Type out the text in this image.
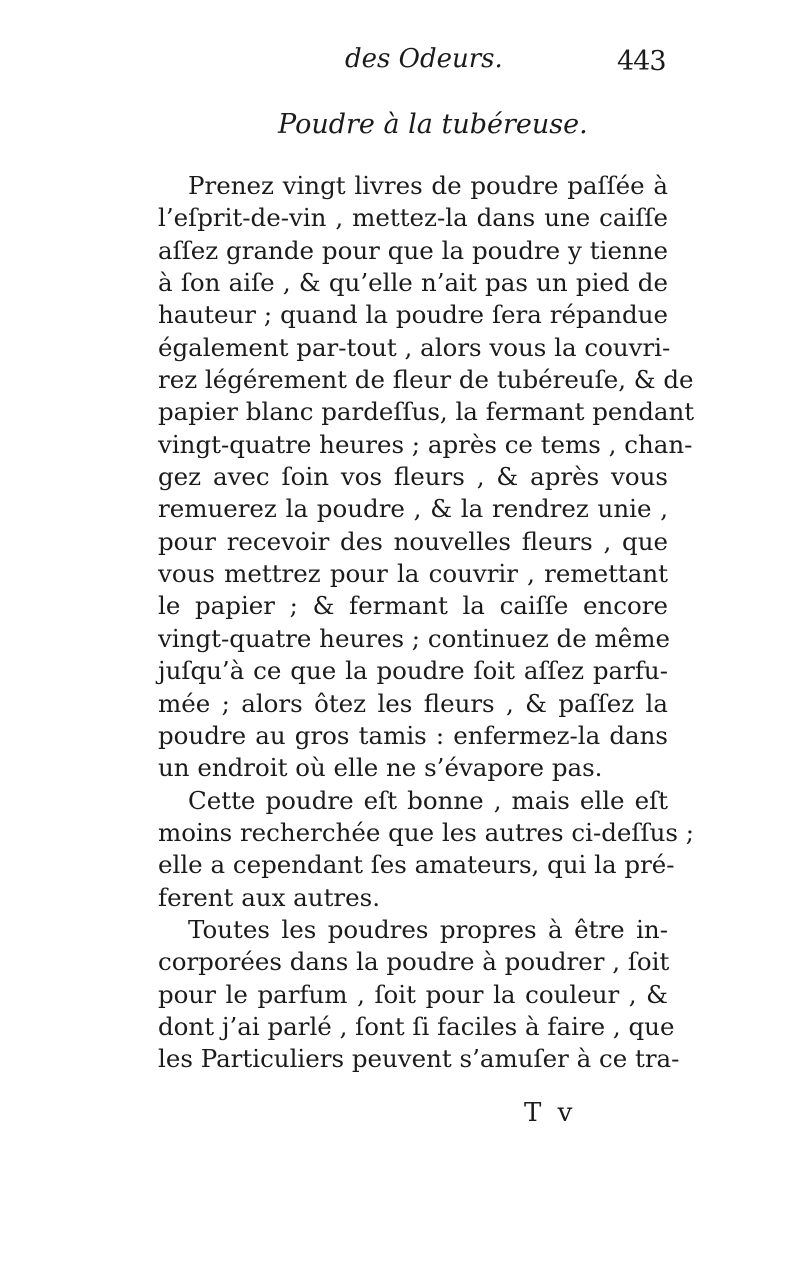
des Odeurs.	443
Poudre à la tubéreuse.
Prenez vingt livres de poudre paſſée à
l’eſprit-de-vin , mettez-la dans une caiſſe
aſſez grande pour que la poudre y tienne
à ſon aiſe , & qu’elle n’ait pas un pied de
hauteur ; quand la poudre ſera répandue
également par-tout , alors vous la couvri-
rez légérement de fleur de tubéreuſe, & de
papier blanc pardeſſus, la fermant pendant
vingt-quatre heures ; après ce tems , chan-
gez avec ſoin vos fleurs , & après vous
remuerez la poudre , & la rendrez unie ,
pour recevoir des nouvelles fleurs , que
vous mettrez pour la couvrir , remettant
le papier ; & fermant la caiſſe encore
vingt-quatre heures ; continuez de même
juſqu’à ce que la poudre ſoit aſſez parfu-
mée ; alors ôtez les fleurs , & paſſez la
poudre au gros tamis : enfermez-la dans
un endroit où elle ne s’évapore pas.
Cette poudre eſt bonne , mais elle eſt
moins recherchée que les autres ci-deſſus ;
elle a cependant ſes amateurs, qui la pré-
ferent aux autres.
Toutes les poudres propres à être in-
corporées dans la poudre à poudrer , ſoit
pour le parfum , ſoit pour la couleur , &
dont j’ai parlé , ſont ſi faciles à faire , que
les Particuliers peuvent s’amuſer à ce tra-
T v
